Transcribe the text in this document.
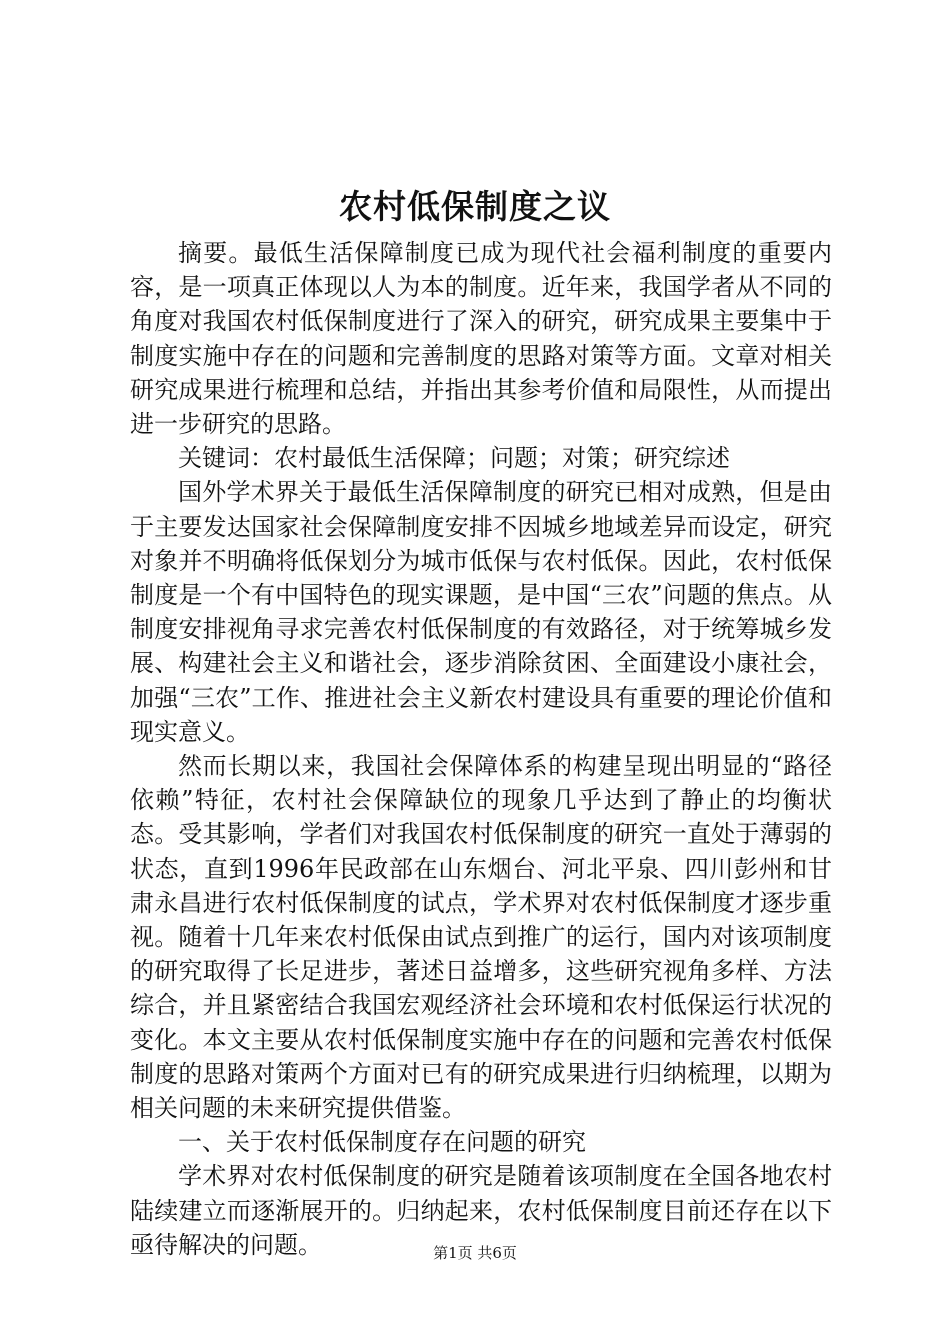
农村低保制度之议

摘要。最低生活保障制度已成为现代社会福利制度的重要内容，是一项真正体现以人为本的制度。近年来，我国学者从不同的角度对我国农村低保制度进行了深入的研究，研究成果主要集中于制度实施中存在的问题和完善制度的思路对策等方面。文章对相关研究成果进行梳理和总结，并指出其参考价值和局限性，从而提出进一步研究的思路。

关键词：农村最低生活保障；问题；对策；研究综述

国外学术界关于最低生活保障制度的研究已相对成熟，但是由于主要发达国家社会保障制度安排不因城乡地域差异而设定，研究对象并不明确将低保划分为城市低保与农村低保。因此，农村低保制度是一个有中国特色的现实课题，是中国“三农”问题的焦点。从制度安排视角寻求完善农村低保制度的有效路径，对于统筹城乡发展、构建社会主义和谐社会，逐步消除贫困、全面建设小康社会，加强“三农”工作、推进社会主义新农村建设具有重要的理论价值和现实意义。

然而长期以来，我国社会保障体系的构建呈现出明显的“路径依赖”特征，农村社会保障缺位的现象几乎达到了静止的均衡状态。受其影响，学者们对我国农村低保制度的研究一直处于薄弱的状态，直到1996年民政部在山东烟台、河北平泉、四川彭州和甘肃永昌进行农村低保制度的试点，学术界对农村低保制度才逐步重视。随着十几年来农村低保由试点到推广的运行，国内对该项制度的研究取得了长足进步，著述日益增多，这些研究视角多样、方法综合，并且紧密结合我国宏观经济社会环境和农村低保运行状况的变化。本文主要从农村低保制度实施中存在的问题和完善农村低保制度的思路对策两个方面对已有的研究成果进行归纳梳理，以期为相关问题的未来研究提供借鉴。

一、关于农村低保制度存在问题的研究

学术界对农村低保制度的研究是随着该项制度在全国各地农村陆续建立而逐渐展开的。归纳起来，农村低保制度目前还存在以下亟待解决的问题。	第1页 共6页
